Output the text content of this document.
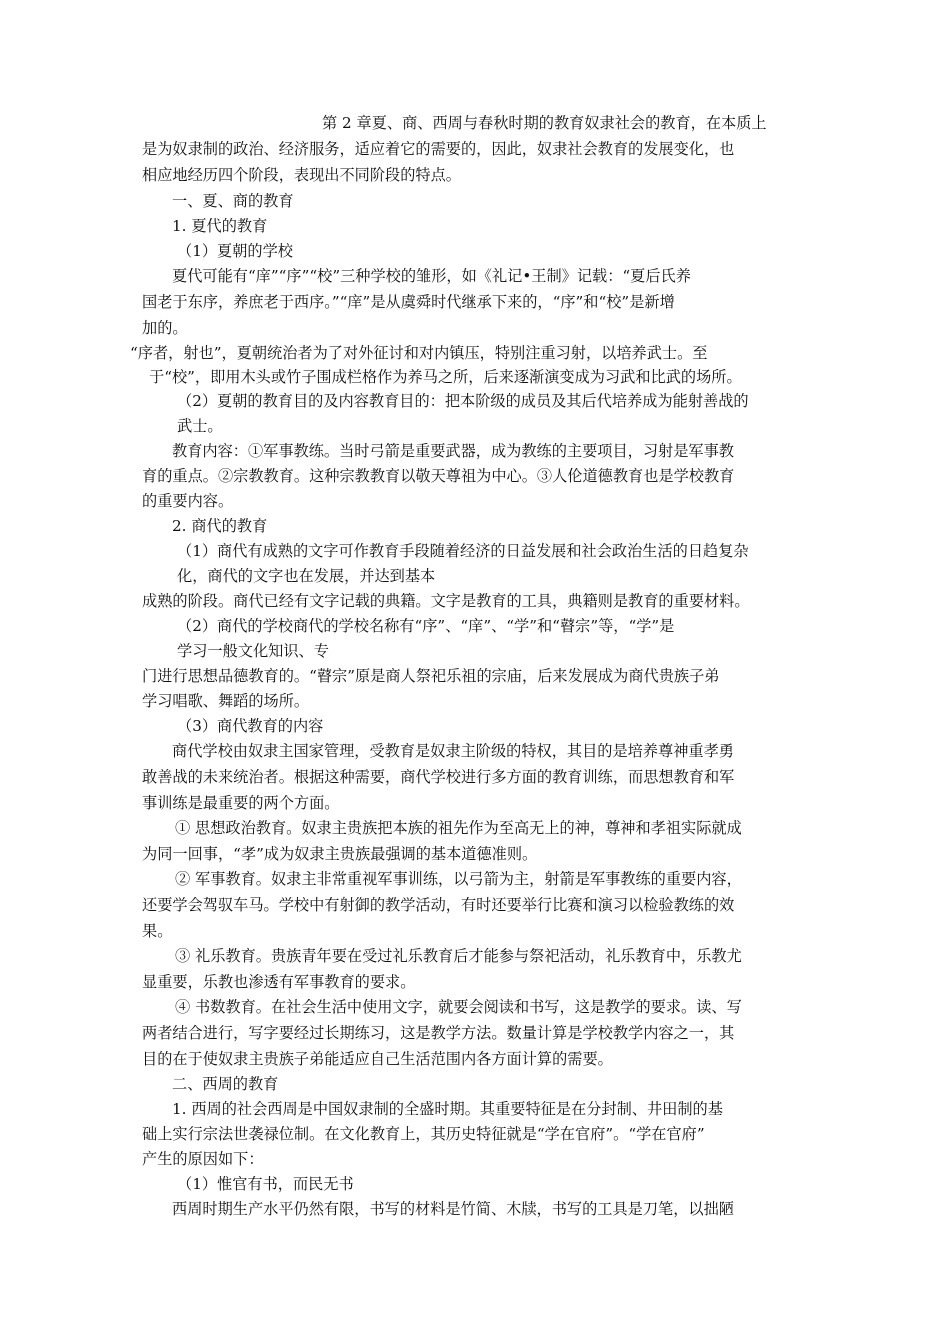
第 2 章夏、商、西周与春秋时期的教育奴隶社会的教育，在本质上
是为奴隶制的政治、经济服务，适应着它的需要的，因此，奴隶社会教育的发展变化，也
相应地经历四个阶段，表现出不同阶段的特点。
一、夏、商的教育
1. 夏代的教育
（1）夏朝的学校
夏代可能有“庠”“序”“校”三种学校的雏形，如《礼记•王制》记载：“夏后氏养
国老于东序，养庶老于西序。”“庠”是从虞舜时代继承下来的，“序”和“校”是新增
加的。
“序者，射也”，夏朝统治者为了对外征讨和对内镇压，特别注重习射，以培养武士。至
于“校”，即用木头或竹子围成栏格作为养马之所，后来逐渐演变成为习武和比武的场所。
（2）夏朝的教育目的及内容教育目的：把本阶级的成员及其后代培养成为能射善战的
武士。
教育内容：①军事教练。当时弓箭是重要武器，成为教练的主要项目，习射是军事教
育的重点。②宗教教育。这种宗教教育以敬天尊祖为中心。③人伦道德教育也是学校教育
的重要内容。
2. 商代的教育
（1）商代有成熟的文字可作教育手段随着经济的日益发展和社会政治生活的日趋复杂
化，商代的文字也在发展，并达到基本
成熟的阶段。商代已经有文字记载的典籍。文字是教育的工具，典籍则是教育的重要材料。
（2）商代的学校商代的学校名称有“序”、“庠”、“学”和“瞽宗”等，“学”是
学习一般文化知识、专
门进行思想品德教育的。“瞽宗”原是商人祭祀乐祖的宗庙，后来发展成为商代贵族子弟
学习唱歌、舞蹈的场所。
（3）商代教育的内容
商代学校由奴隶主国家管理，受教育是奴隶主阶级的特权，其目的是培养尊神重孝勇
敢善战的未来统治者。根据这种需要，商代学校进行多方面的教育训练，而思想教育和军
事训练是最重要的两个方面。
① 思想政治教育。奴隶主贵族把本族的祖先作为至高无上的神，尊神和孝祖实际就成
为同一回事，“孝”成为奴隶主贵族最强调的基本道德准则。
② 军事教育。奴隶主非常重视军事训练，以弓箭为主，射箭是军事教练的重要内容，
还要学会驾驭车马。学校中有射御的教学活动，有时还要举行比赛和演习以检验教练的效
果。
③ 礼乐教育。贵族青年要在受过礼乐教育后才能参与祭祀活动，礼乐教育中，乐教尤
显重要，乐教也渗透有军事教育的要求。
④ 书数教育。在社会生活中使用文字，就要会阅读和书写，这是教学的要求。读、写
两者结合进行，写字要经过长期练习，这是教学方法。数量计算是学校教学内容之一，其
目的在于使奴隶主贵族子弟能适应自己生活范围内各方面计算的需要。
二、西周的教育
1. 西周的社会西周是中国奴隶制的全盛时期。其重要特征是在分封制、井田制的基
础上实行宗法世袭禄位制。在文化教育上，其历史特征就是“学在官府”。“学在官府”
产生的原因如下：
（1）惟官有书，而民无书
西周时期生产水平仍然有限，书写的材料是竹简、木牍，书写的工具是刀笔，以拙陋
